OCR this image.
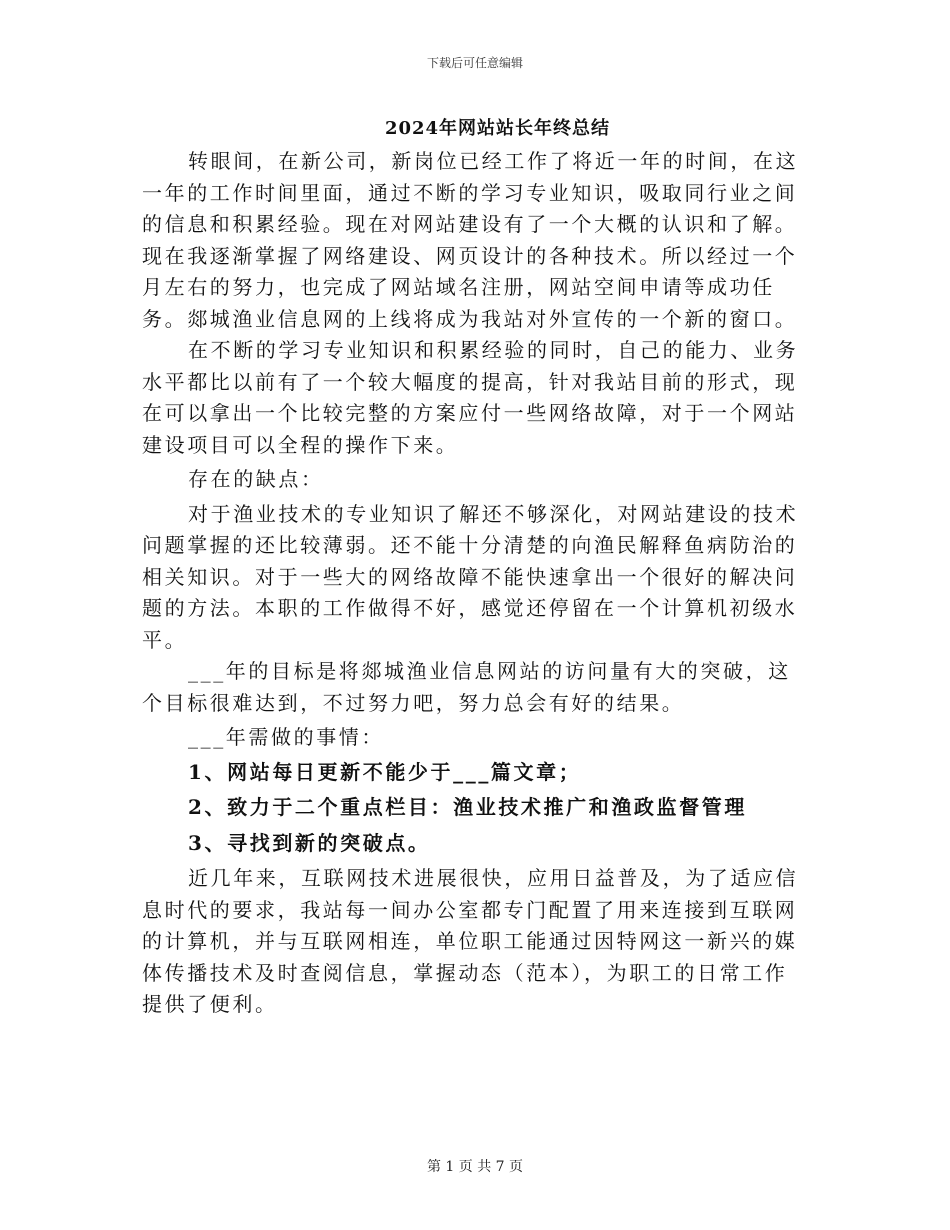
下载后可任意编辑
2024年网站站长年终总结

转眼间，在新公司，新岗位已经工作了将近一年的时间，在这一年的工作时间里面，通过不断的学习专业知识，吸取同行业之间的信息和积累经验。现在对网站建设有了一个大概的认识和了解。现在我逐渐掌握了网络建设、网页设计的各种技术。所以经过一个月左右的努力，也完成了网站域名注册，网站空间申请等成功任务。郯城渔业信息网的上线将成为我站对外宣传的一个新的窗口。

在不断的学习专业知识和积累经验的同时，自己的能力、业务水平都比以前有了一个较大幅度的提高，针对我站目前的形式，现在可以拿出一个比较完整的方案应付一些网络故障，对于一个网站建设项目可以全程的操作下来。

存在的缺点：

对于渔业技术的专业知识了解还不够深化，对网站建设的技术问题掌握的还比较薄弱。还不能十分清楚的向渔民解释鱼病防治的相关知识。对于一些大的网络故障不能快速拿出一个很好的解决问题的方法。本职的工作做得不好，感觉还停留在一个计算机初级水平。

___年的目标是将郯城渔业信息网站的访问量有大的突破，这个目标很难达到，不过努力吧，努力总会有好的结果。

___年需做的事情：

1、网站每日更新不能少于___篇文章；

2、致力于二个重点栏目：渔业技术推广和渔政监督管理

3、寻找到新的突破点。

近几年来，互联网技术进展很快，应用日益普及，为了适应信息时代的要求，我站每一间办公室都专门配置了用来连接到互联网的计算机，并与互联网相连，单位职工能通过因特网这一新兴的媒体传播技术及时查阅信息，掌握动态（范本），为职工的日常工作提供了便利。

第 1 页 共 7 页
